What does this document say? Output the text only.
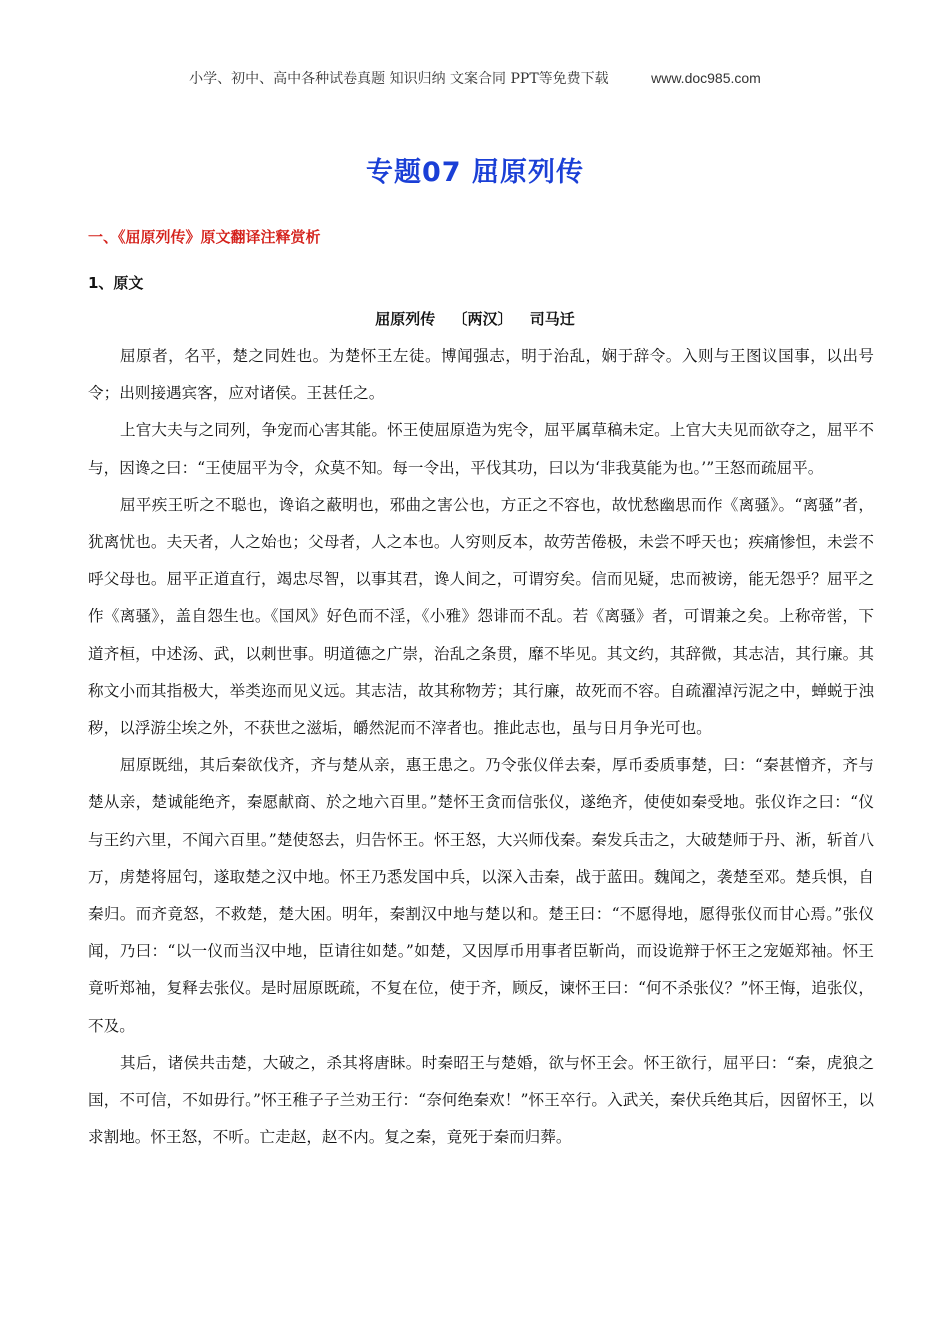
小学、初中、高中各种试卷真题 知识归纳 文案合同 PPT等免费下载	www.doc985.com
专题07 屈原列传
一、《屈原列传》原文翻译注释赏析
1、原文
屈原列传 〔两汉〕 司马迁

屈原者，名平，楚之同姓也。为楚怀王左徒。博闻强志，明于治乱，娴于辞令。入则与王图议国事，以出号令；出则接遇宾客，应对诸侯。王甚任之。

上官大夫与之同列，争宠而心害其能。怀王使屈原造为宪令，屈平属草稿未定。上官大夫见而欲夺之，屈平不与，因谗之曰：“王使屈平为令，众莫不知。每一令出，平伐其功，曰以为‘非我莫能为也。’”王怒而疏屈平。

屈平疾王听之不聪也，谗谄之蔽明也，邪曲之害公也，方正之不容也，故忧愁幽思而作《离骚》。“离骚”者，犹离忧也。夫天者，人之始也；父母者，人之本也。人穷则反本，故劳苦倦极，未尝不呼天也；疾痛惨怛，未尝不呼父母也。屈平正道直行，竭忠尽智，以事其君，谗人间之，可谓穷矣。信而见疑，忠而被谤，能无怨乎？屈平之作《离骚》，盖自怨生也。《国风》好色而不淫，《小雅》怨诽而不乱。若《离骚》者，可谓兼之矣。上称帝喾，下道齐桓，中述汤、武，以刺世事。明道德之广崇，治乱之条贯，靡不毕见。其文约，其辞微，其志洁，其行廉。其称文小而其指极大，举类迩而见义远。其志洁，故其称物芳；其行廉，故死而不容。自疏濯淖污泥之中，蝉蜕于浊秽，以浮游尘埃之外，不获世之滋垢，皭然泥而不滓者也。推此志也，虽与日月争光可也。

屈原既绌，其后秦欲伐齐，齐与楚从亲，惠王患之。乃令张仪佯去秦，厚币委质事楚，曰：“秦甚憎齐，齐与楚从亲，楚诚能绝齐，秦愿献商、於之地六百里。”楚怀王贪而信张仪，遂绝齐，使使如秦受地。张仪诈之曰：“仪与王约六里，不闻六百里。”楚使怒去，归告怀王。怀王怒，大兴师伐秦。秦发兵击之，大破楚师于丹、淅，斩首八万，虏楚将屈匄，遂取楚之汉中地。怀王乃悉发国中兵，以深入击秦，战于蓝田。魏闻之，袭楚至邓。楚兵惧，自秦归。而齐竟怒，不救楚，楚大困。明年，秦割汉中地与楚以和。楚王曰：“不愿得地，愿得张仪而甘心焉。”张仪闻，乃曰：“以一仪而当汉中地，臣请往如楚。”如楚，又因厚币用事者臣靳尚，而设诡辩于怀王之宠姬郑袖。怀王竟听郑袖，复释去张仪。是时屈原既疏，不复在位，使于齐，顾反，谏怀王曰：“何不杀张仪？”怀王悔，追张仪，不及。

其后，诸侯共击楚，大破之，杀其将唐眛。时秦昭王与楚婚，欲与怀王会。怀王欲行，屈平曰：“秦，虎狼之国，不可信，不如毋行。”怀王稚子子兰劝王行：“奈何绝秦欢！”怀王卒行。入武关，秦伏兵绝其后，因留怀王，以求割地。怀王怒，不听。亡走赵，赵不内。复之秦，竟死于秦而归葬。
